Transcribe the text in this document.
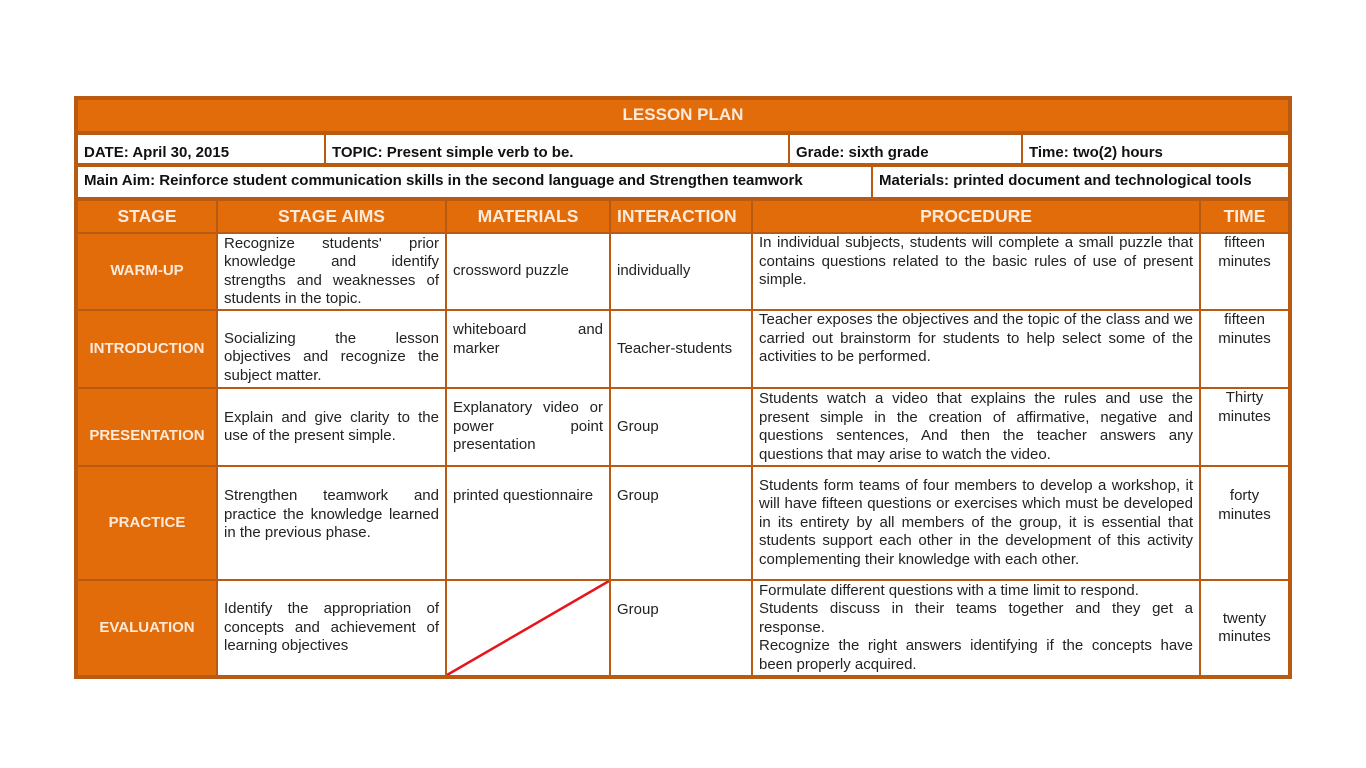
LESSON PLAN
DATE: April 30, 2015	TOPIC: Present simple verb to be.	Grade: sixth grade	Time: two(2) hours
Main Aim: Reinforce student communication skills in the second language and Strengthen teamwork	Materials: printed document and technological tools
STAGE	STAGE AIMS	MATERIALS	INTERACTION	PROCEDURE	TIME
WARM-UP	Recognize students' prior knowledge and identify strengths and weaknesses of students in the topic.	crossword puzzle	individually	In individual subjects, students will complete a small puzzle that contains questions related to the basic rules of use of present simple.	fifteen minutes
INTRODUCTION	Socializing the lesson objectives and recognize the subject matter.	whiteboard and marker	Teacher-students	Teacher exposes the objectives and the topic of the class and we carried out brainstorm for students to help select some of the activities to be performed.	fifteen minutes
PRESENTATION	Explain and give clarity to the use of the present simple.	Explanatory video or power point presentation	Group	Students watch a video that explains the rules and use the present simple in the creation of affirmative, negative and questions sentences, And then the teacher answers any questions that may arise to watch the video.	Thirty minutes
PRACTICE	Strengthen teamwork and practice the knowledge learned in the previous phase.	printed questionnaire	Group	Students form teams of four members to develop a workshop, it will have fifteen questions or exercises which must be developed in its entirety by all members of the group, it is essential that students support each other in the development of this activity complementing their knowledge with each other.	forty minutes
EVALUATION	Identify the appropriation of concepts and achievement of learning objectives		Group	Formulate different questions with a time limit to respond.
Students discuss in their teams together and they get a response.
Recognize the right answers identifying if the concepts have been properly acquired.	twenty minutes
